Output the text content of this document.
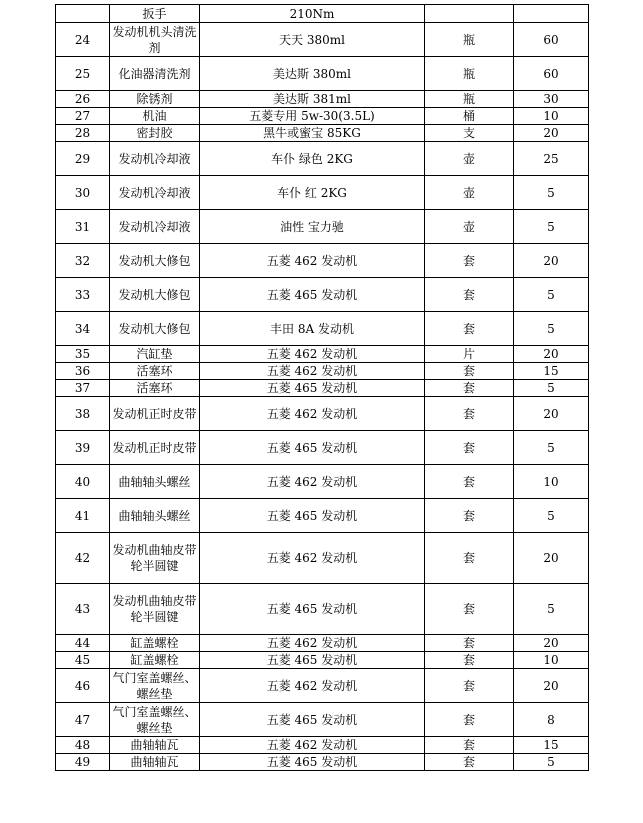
	扳手	210Nm		
24	发动机机头清洗剂	天天 380ml	瓶	60
25	化油器清洗剂	美达斯 380ml	瓶	60
26	除锈剂	美达斯 381ml	瓶	30
27	机油	五菱专用 5w-30(3.5L)	桶	10
28	密封胶	黑牛或蜜宝 85KG	支	20
29	发动机冷却液	车仆 绿色 2KG	壶	25
30	发动机冷却液	车仆 红 2KG	壶	5
31	发动机冷却液	油性 宝力驰	壶	5
32	发动机大修包	五菱 462 发动机	套	20
33	发动机大修包	五菱 465 发动机	套	5
34	发动机大修包	丰田 8A 发动机	套	5
35	汽缸垫	五菱 462 发动机	片	20
36	活塞环	五菱 462 发动机	套	15
37	活塞环	五菱 465 发动机	套	5
38	发动机正时皮带	五菱 462 发动机	套	20
39	发动机正时皮带	五菱 465 发动机	套	5
40	曲轴轴头螺丝	五菱 462 发动机	套	10
41	曲轴轴头螺丝	五菱 465 发动机	套	5
42	发动机曲轴皮带轮半圆键	五菱 462 发动机	套	20
43	发动机曲轴皮带轮半圆键	五菱 465 发动机	套	5
44	缸盖螺栓	五菱 462 发动机	套	20
45	缸盖螺栓	五菱 465 发动机	套	10
46	气门室盖螺丝、螺丝垫	五菱 462 发动机	套	20
47	气门室盖螺丝、螺丝垫	五菱 465 发动机	套	8
48	曲轴轴瓦	五菱 462 发动机	套	15
49	曲轴轴瓦	五菱 465 发动机	套	5
